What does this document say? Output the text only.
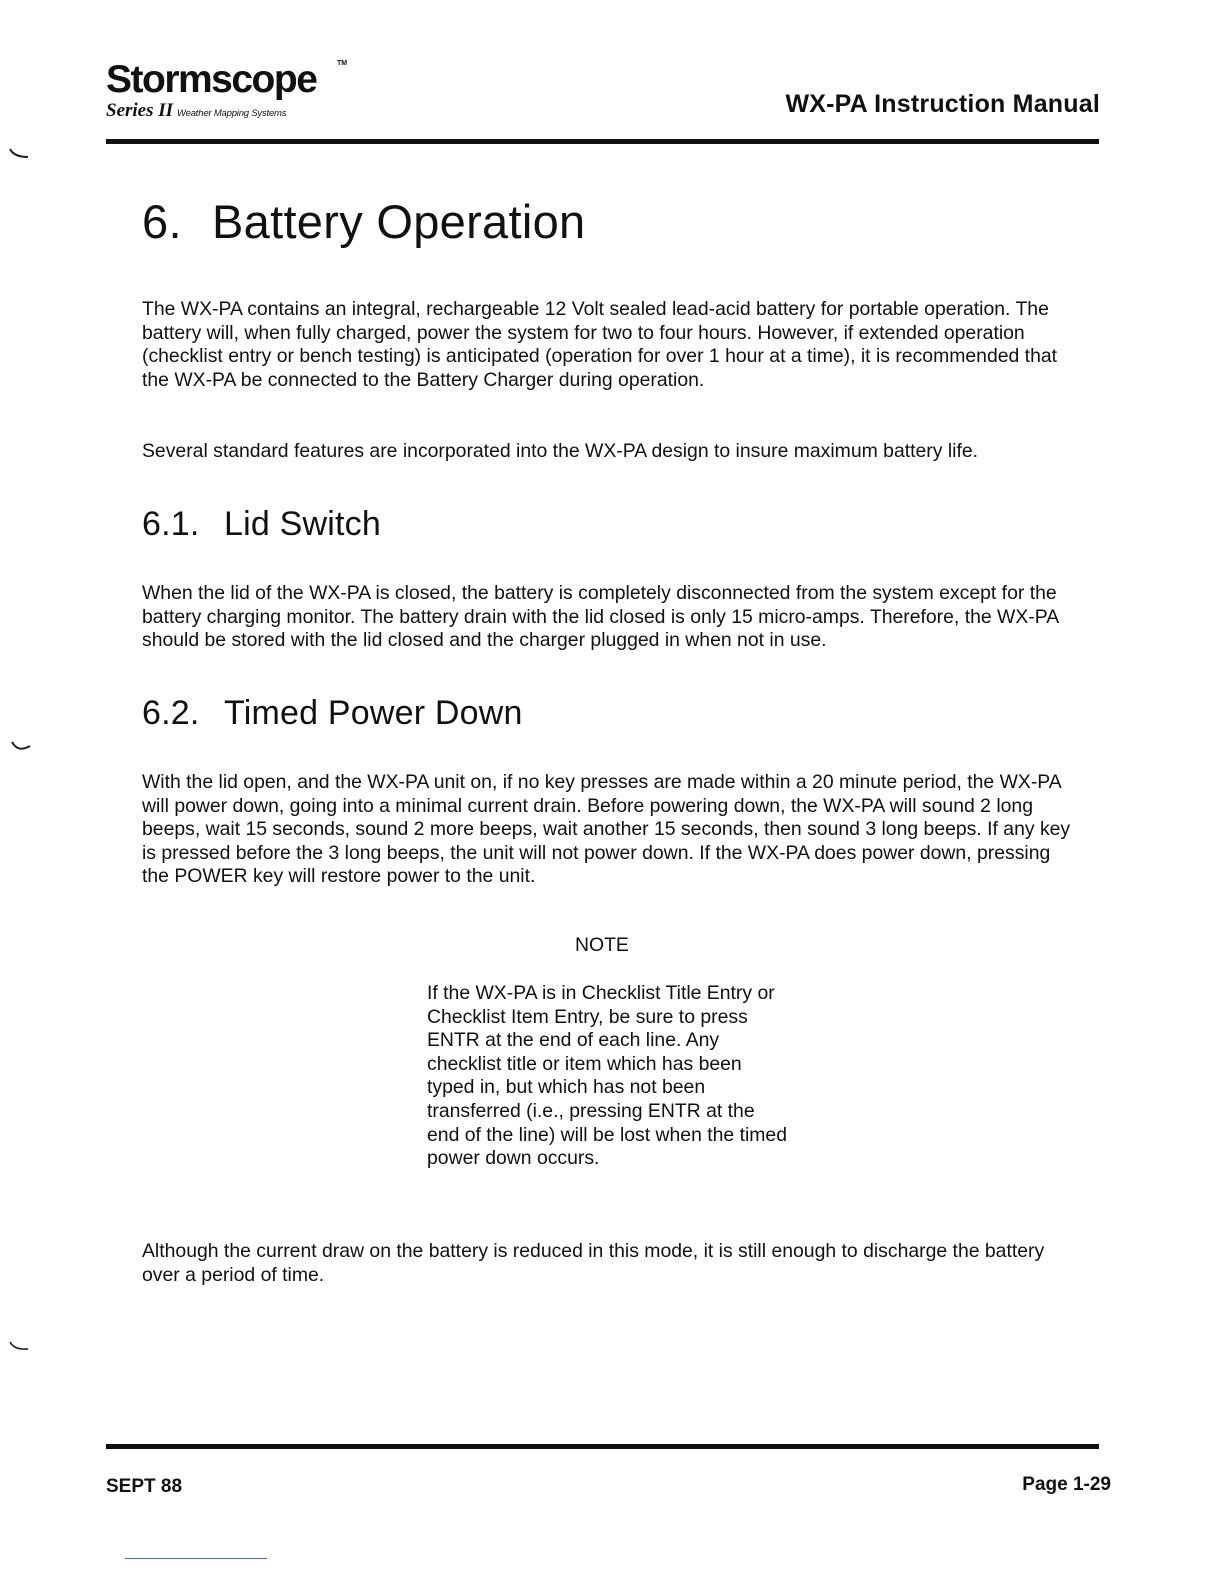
Stormscope	TM
Series II Weather Mapping Systems	WX-PA Instruction Manual
6. Battery Operation

The WX-PA contains an integral, rechargeable 12 Volt sealed lead-acid battery for portable operation. The battery will, when fully charged, power the system for two to four hours. However, if extended operation (checklist entry or bench testing) is anticipated (operation for over 1 hour at a time), it is recommended that the WX-PA be connected to the Battery Charger during operation.

Several standard features are incorporated into the WX-PA design to insure maximum battery life.

6.1. Lid Switch

When the lid of the WX-PA is closed, the battery is completely disconnected from the system except for the battery charging monitor. The battery drain with the lid closed is only 15 micro-amps. Therefore, the WX-PA should be stored with the lid closed and the charger plugged in when not in use.

6.2. Timed Power Down

With the lid open, and the WX-PA unit on, if no key presses are made within a 20 minute period, the WX-PA will power down, going into a minimal current drain. Before powering down, the WX-PA will sound 2 long beeps, wait 15 seconds, sound 2 more beeps, wait another 15 seconds, then sound 3 long beeps. If any key is pressed before the 3 long beeps, the unit will not power down. If the WX-PA does power down, pressing the POWER key will restore power to the unit.

NOTE

If the WX-PA is in Checklist Title Entry or Checklist Item Entry, be sure to press ENTR at the end of each line. Any checklist title or item which has been typed in, but which has not been transferred (i.e., pressing ENTR at the end of the line) will be lost when the timed power down occurs.

Although the current draw on the battery is reduced in this mode, it is still enough to discharge the battery over a period of time.

SEPT 88	Page 1-29
